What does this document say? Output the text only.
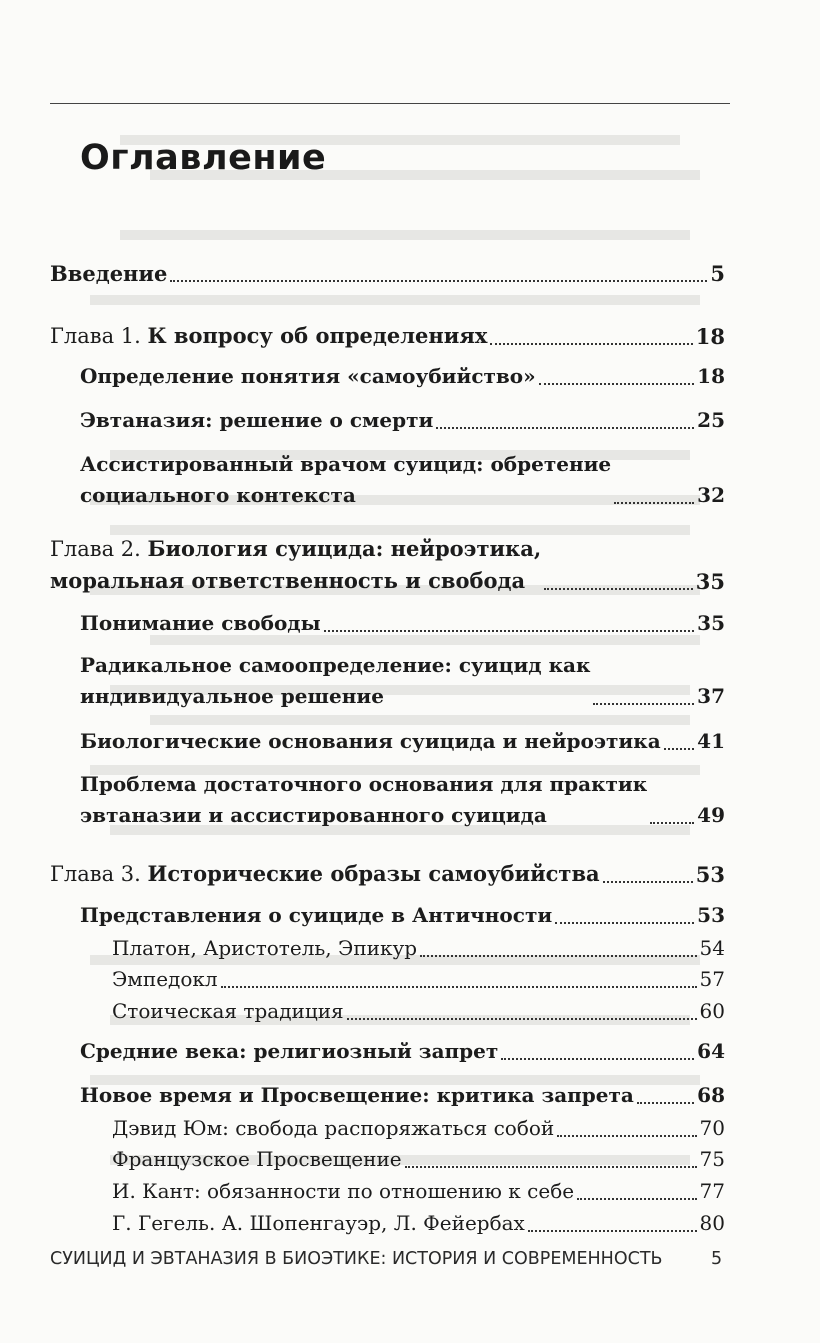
Оглавление
Введение	5
Глава 1. К вопросу об определениях	18
Определение понятия «самоубийство»	18
Эвтаназия: решение о смерти	25
Ассистированный врачом суицид: обретение
социального контекста	32
Глава 2. Биология суицида: нейроэтика,
моральная ответственность и свобода	35
Понимание свободы	35
Радикальное самоопределение: суицид как
индивидуальное решение	37
Биологические основания суицида и нейроэтика 41
Проблема достаточного основания для практик
эвтаназии и ассистированного суицида	49
Глава 3. Исторические образы самоубийства	53
Представления о суициде в Античности	53
Платон, Аристотель, Эпикур	54
Эмпедокл	57
Стоическая традиция	60
Средние века: религиозный запрет	64
Новое время и Просвещение: критика запрета	68
Дэвид Юм: свобода распоряжаться собой	70
Французское Просвещение	75
И. Кант: обязанности по отношению к себе	77
Г. Гегель. А. Шопенгауэр, Л. Фейербах	80
СУИЦИД И ЭВТАНАЗИЯ В БИОЭТИКЕ: ИСТОРИЯ И СОВРЕМЕННОСТЬ	5
